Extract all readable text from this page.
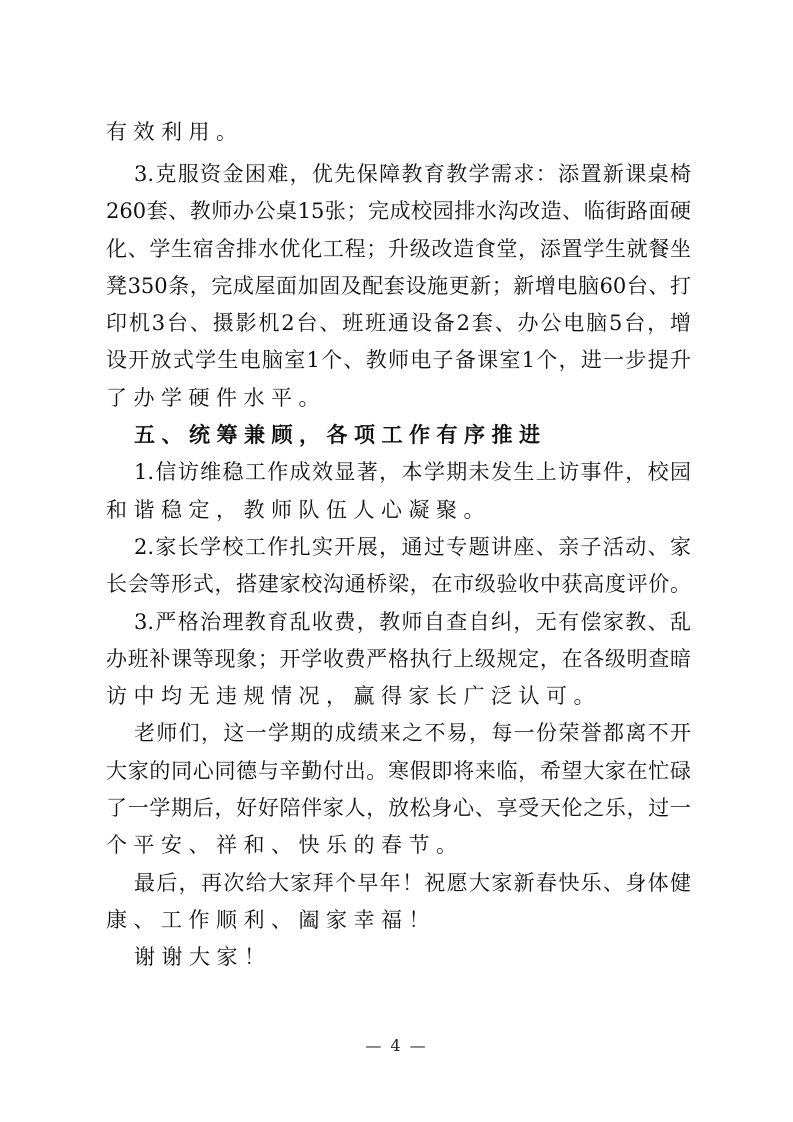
有效利用。
3.克服资金困难，优先保障教育教学需求：添置新课桌椅
260套、教师办公桌15张；完成校园排水沟改造、临街路面硬
化、学生宿舍排水优化工程；升级改造食堂，添置学生就餐坐
凳350条，完成屋面加固及配套设施更新；新增电脑60台、打
印机3台、摄影机2台、班班通设备2套、办公电脑5台，增
设开放式学生电脑室1个、教师电子备课室1个，进一步提升
了办学硬件水平。
五、统筹兼顾，各项工作有序推进
1.信访维稳工作成效显著，本学期未发生上访事件，校园
和谐稳定，教师队伍人心凝聚。
2.家长学校工作扎实开展，通过专题讲座、亲子活动、家
长会等形式，搭建家校沟通桥梁，在市级验收中获高度评价。
3.严格治理教育乱收费，教师自查自纠，无有偿家教、乱
办班补课等现象；开学收费严格执行上级规定，在各级明查暗
访中均无违规情况，赢得家长广泛认可。
老师们，这一学期的成绩来之不易，每一份荣誉都离不开
大家的同心同德与辛勤付出。寒假即将来临，希望大家在忙碌
了一学期后，好好陪伴家人，放松身心、享受天伦之乐，过一
个平安、祥和、快乐的春节。
最后，再次给大家拜个早年！祝愿大家新春快乐、身体健
康、工作顺利、阖家幸福！
谢谢大家！
— 4 —
